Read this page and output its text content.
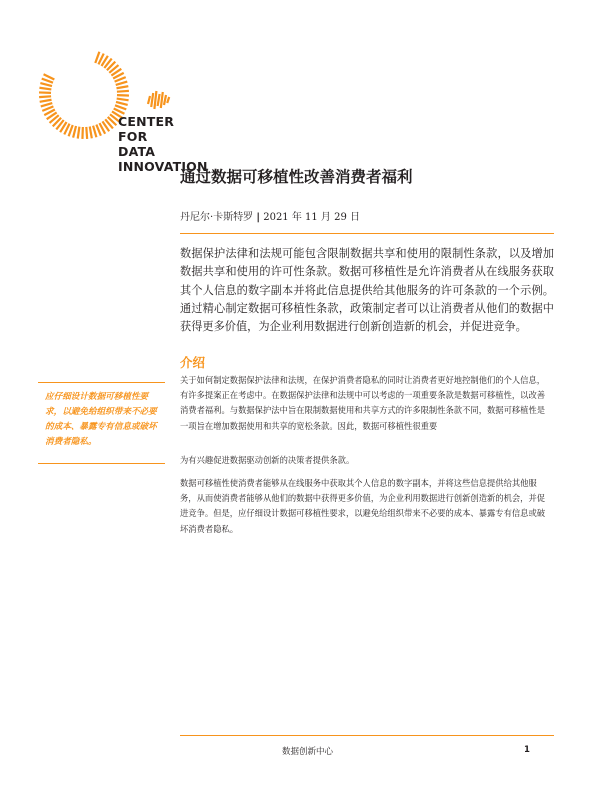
CENTER
FOR
DATA
INNOVATION
通过数据可移植性改善消费者福利
丹尼尔·卡斯特罗 | 2021 年 11 月 29 日

数据保护法律和法规可能包含限制数据共享和使用的限制性条款，以及增加数据共享和使用的许可性条款。数据可移植性是允许消费者从在线服务获取其个人信息的数字副本并将此信息提供给其他服务的许可条款的一个示例。通过精心制定数据可移植性条款，政策制定者可以让消费者从他们的数据中获得更多价值，为企业利用数据进行创新创造新的机会，并促进竞争。

介绍

关于如何制定数据保护法律和法规，在保护消费者隐私的同时让消费者更好地控制他们的个人信息，有许多提案正在考虑中。在数据保护法律和法规中可以考虑的一项重要条款是数据可移植性，以改善消费者福利。与数据保护法中旨在限制数据使用和共享方式的许多限制性条款不同，数据可移植性是一项旨在增加数据使用和共享的宽松条款。因此，数据可移植性很重要

为有兴趣促进数据驱动创新的决策者提供条款。

数据可移植性使消费者能够从在线服务中获取其个人信息的数字副本，并将这些信息提供给其他服务，从而使消费者能够从他们的数据中获得更多价值，为企业利用数据进行创新创造新的机会，并促进竞争。但是，应仔细设计数据可移植性要求，以避免给组织带来不必要的成本、暴露专有信息或破坏消费者隐私。

应仔细设计数据可移植性要求，以避免给组织带来不必要的成本、暴露专有信息或破坏消费者隐私。

数据创新中心	1
